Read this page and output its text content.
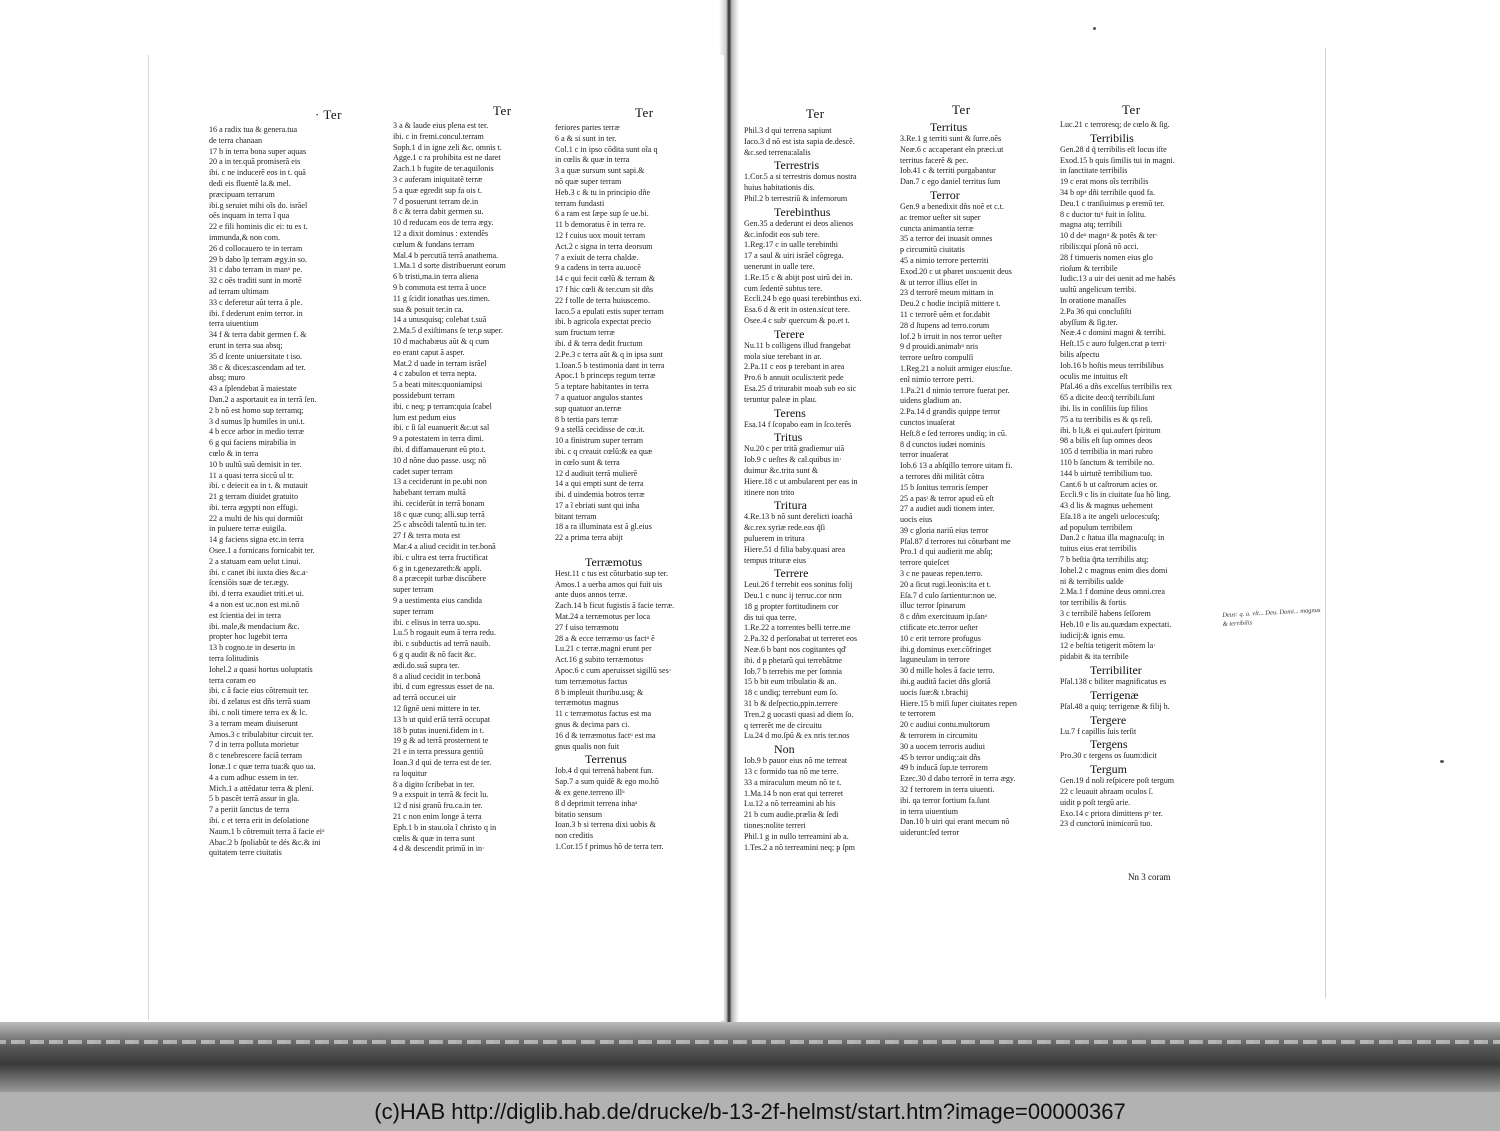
· Ter
16 a radix tua & genera.tua
de terra chanaan
17 b in terra bona super aquas
20 a in ter.quã promiserã eis
ibi. c ne inducerē eos in t. quã
dedi eis fluentē la.& mel.
præcipuam terrarum
ibi.g seruiet mihi oĩs do. isrãel
oēs inquam in terra ĩ qua
22 e fili hominis dic ei: tu es t.
immunda,& non com.
26 d collocauero te in terram
29 b dabo ĩp terram ægy.in so.
31 c dabo terram in manᵘ pe.
32 c oēs traditi sunt in mortē
ad terram ultimam
33 c deferetur aũt terra ã ple.
ibi. f dederunt enim terror. in
terra uiuentium
34 f & terra dabit germen f. &
erunt in terra sua absq;
35 d ſcente uniuersitate t iso.
38 c & dices:ascendam ad ter.
absq; muro
43 a ſplendebat ã maiestate
Dan.2 a asportauit ea in terrã ſen.
2 b nõ est homo sup terramq;
3 d sumus ĩp humiles in uni.t.
4 b ecce arbor in medio terræ
6 g qui faciens mirabilia in
cœlo & in terra
10 b uultũ suũ demisit in ter.
11 a quasi terra siccũ ul tr.
ibi. c deiecit ea in t. & mutauit
21 g terram diuidet gratuito
ibi. terra ægypti non effugi.
22 a multi de his qui dormiũt
in puluere terræ euigila.
14 g faciens signa etc.in terra
Osee.1 a fornicans fornicabit ter.
2 a statuam eam uelut t.inui.
ibi. c canet ibi iuxta dies &c.a·
ſcensiõis suæ de ter.ægy.
ibi. d terra exaudiet triti.et ui.
4 a non est uc.non est mi.nõ
est ſcientia dei in terra
ibi. male,& mendacium &c.
propter hoc lugebit terra
13 b cogno.te in deserto in
terra ſolitudinis
Iohel.2 a quasi hortus uoluptatis
terra coram eo
ibi. c ã facie eius cõtremuit ter.
ibi. d zelatus est dñs terrã suam
ibi. c noli timere terra ex & lc.
3 a terram meam diuiserunt
Amos.3 c tribulabitur circuit ter.
7 d in terra polluta morietur
8 c tenebrescere faciã terram
Ionæ.1 c quæ terra tua:& quo ua.
4 a cum adhuc essem in ter.
Mich.1 a attẽdatur terra & pleni.
5 b pascẽt terrã assur in gla.
7 a periit ſanctus de terra
ibi. c et terra erit in deſolatione
Naum.1 b cõtremuit terra ã facie eiᵘ
Abac.2 b ſpoliabũt te dés &c.& ini
quitatem terre ciuitatis
Ter
3 a & laude eius plena est ter.
ibi. c in fremi.concul.terram
Soph.1 d in igne zeli &c. omnis t.
Agge.1 c ra prohibita est ne daret
Zach.1 b fugite de ter.aquilonis
3 c auferam iniquitatẽ terræ
5 a quæ egredit sup fa ois t.
7 d posuerunt terram de.in
8 c & terra dabit germen su.
10 d reducam eos de terra ægy.
12 a dixit dominus : extendẽs
cœlum & fundans terram
Mal.4 b percutiã terrã anathema.
1.Ma.1 d sorte distribuerunt eorum
6 b tristi,ma.in terra aliena
9 b commota est terra ã uoce
11 g ſcidit ionathas ues.timen.
sua & posuit ter.in ca.
14 a unusquisq; colebat t.suã
2.Ma.5 d exiſtimans ſe ter.ᵽ super.
10 d machabæus aũt & q cum
eo erant caput ã asper.
Mat.2 d uade in terram isrãel
4 c zabulon et terra nepta.
5 a beati mites:quoniamipsi
possidebunt terram
ibi. c neq; ᵽ terram:quia ſcabel
lum est pedum eius
ibi. c ſi ſal euanuerit &c.ut sal
9 a potestatem in terra dimi.
ibi. d diffamauerunt eũ pto.t.
10 d nõne duo passe. usq; nõ
cadet super terram
13 a ceciderunt in pe.ubi non
habebant terram multã
ibi. ceciderũt in terrã bonam
18 c quæ cunq; alli.sup terrã
25 c abscõdi talentũ tu.in ter.
27 f & terra mota est
Mar.4 a aliud cecidit in ter.bonã
ibi. c ultra est terra fructificat
6 g in t.genezareth:& appli.
8 a præcepit turbæ discũbere
super terram
9 a uestimenta eius candida
super terram
ibi. c elisus in terra uo.spu.
Lu.5 b rogauit eum ã terra redu.
ibi. c subductis ad terrã nauib.
6 g q audit & nõ facit &c.
ædi.do.suã supra ter.
8 a aliud cecidit in ter.bonã
ibi. d cum egressus esset de na.
ad terrã occur.ei uir
12 ſignẽ ueni mittere in ter.
13 b ut quid eriã terrã occupat
18 b putas inueni.fidem in t.
19 g & ad terrã prosternent te
21 e in terra pressura gentiũ
Ioan.3 d qui de terra est de ter.
ra loquitur
8 a digito ſcribebat in ter.
9 a exspuit in terrã & fecit lu.
12 d nisi granũ fru.ca.in ter.
21 c non enim longe ã terra
Eph.1 b in stau.oĩa ĩ christo q in
cœlis & quæ in terra sunt
4 d & descendit primũ in in·
Ter
feriores partes terræ
6 a & si sunt in ter.
Col.1 c in ipso cõdita sunt oĩa q
in cœlis & quæ in terra
3 a quæ sursum sunt sapi.&
nõ quæ super terram
Heb.3 c & tu in principio dñe
terram fundasti
6 a ram est ſæpe sup ſe ue.bi.
11 b demoratus ẽ in terra re.
12 f cuius uox mouit terram
Act.2 c signa in terra deorsum
7 a exiuit de terra chaldæ.
9 a cadens in terra au.uocẽ
14 c qui fecit cœlũ & terram &
17 f hic cœli & ter.cum sit dñs
22 f tolle de terra huiuscemo.
Iaco.5 a epulati estis super terram
ibi. b agricola expectat precio
sum fructum terræ
ibi. d & terra dedit fructum
2.Pe.3 c terra aũt & q in ipsa sunt
1.Ioan.5 b testimonia dant in terra
Apoc.1 b princeps regum terræ
5 a teptare habitantes in terra
7 a quatuor angulos stantes
sup quatuor an.terræ
8 b tertia pars terræ
9 a stellã cecidisse de cœ.it.
10 a finistrum super terram
ibi. c q creauit cœlũ:& ea quæ
in cœlo sunt & terra
12 d audiuit terrã mulierẽ
14 a qui empti sunt de terra
ibi. d uindemia botros terræ
17 a ĩ ebriati sunt qui inha
bitant terram
18 a ra illuminata est ã gl.eius
22 a prima terra abijt
Terræmotus
Hest.11 c tus est cõturbatio sup ter.
Amos.1 a uerba amos qui fuit uis
ante duos annos terræ.
Zach.14 b ficut fugistis ã facie terræ.
Mat.24 a terræmotus per loca
27 f uiso terræmotu
28 a & ecce terræmo·us factᵘ ẽ
Lu.21 c terræ.magni erunt per
Act.16 g subito terræmotus
Apoc.6 c cum aperuisset sigillũ ses·
tum terræmotus factus
8 b impleuit thuribu.usq; &
terræmotus magnus
11 c terræmotus factus est ma
gnus & decima pars ci.
16 d & terræmotus factᵘ est ma
gnus qualis non fuit
Terrenus
Iob.4 d qui terrenã habent fun.
Sap.7 a sum quidẽ & ego mo.hõ
& ex gene.terreno illᵘ
8 d deprimit terrena inhaᵃ
bitatio sensum
Ioan.3 b si terrena dixi uobis &
non creditis
1.Cor.15 f primus hõ de terra terr.
Ter
Phil.3 d qui terrena sapiunt
Iaco.3 d nõ est ista sapia de.descẽ.
&c.sed terrena:aĩalis
Terrestris
1.Cor.5 a si terrestris domus nostra
huius habitationis dis.
Phil.2 b terrestriũ & infernorum
Terebinthus
Gen.35 a dederunt ei deos alienos
&c.infodit eos sub tere.
1.Reg.17 c in ualle terebinthi
17 a saul & uiri isrãel cõgrega.
uenerunt in ualle tere.
1.Re.15 c & abijt post uirũ dei in.
cum ſedentẽ subtus tere.
Eccli.24 b ego quasi terebinthus exi.
Esa.6 d & erit in osten.sicut tere.
Osee.4 c subᵗ quercum & po.et t.
Terere
Nu.11 b colligens illud frangebat
mola siue terebant in ar.
2.Pa.11 c eos ᵽ terebant in area
Pro.6 b annuit oculis:terit pede
Esa.25 d triturabit moab sub eo sic
teruntur paleæ in plau.
Terens
Esa.14 f ſcopabo eam in ſco.terẽs
Tritus
Nu.20 c per tritã gradiemur uiã
Iob.9 c ueſtes & cal.quibus in·
duimur &c.trita sunt &
Hiere.18 c ut ambularent per eas in
itinere non trito
Tritura
4.Re.13 b nõ sunt derelicti ioachã
&c.rex syriæ rede.eos q̃ſi
puluerem in tritura
Hiere.51 d filia baby.quasi area
tempus trituræ eius
Terrere
Leui.26 f terrebit eos sonitus folij
Deu.1 c nunc ij terruc.cor nrm
18 g propter fortitudinem cor
dis tui qua terre.
1.Re.22 a torrentes belli terre.me
2.Pa.32 d perſonabat ut terreret eos
Neæ.6 b bant nos cogitantes qd'
ibi. d ᵽ phetarũ qui terrebãtme
Iob.7 b terrebis me per ſomnia
15 b bit eum tribulatio & an.
18 c undiq; terrebunt eum ſo.
31 b & deſpectio,ppin.terrere
Tren.2 g uocasti quasi ad diem ſo.
q terrerẽt me de circuitu
Lu.24 d mo.ſpũ & ex nris ter.nos
Non
Iob.9 b pauor eius nõ me terreat
13 c formido tua nõ me terre.
33 a miraculum meum nõ te t.
1.Ma.14 b non erat qui terreret
Lu.12 a nõ terreamini ab his
21 b cum audie.prælia & ſedi
tiones:nolite terreri
Phil.1 g in nullo terreamini ab a.
1.Tes.2 a nõ terreamini neq; ᵽ ſpm
Ter
Territus
3.Re.1 g territi sunt & ſurre.oẽs
Neæ.6 c accaperant eĩn præci.ut
territus facerẽ & pec.
Iob.41 c & territi purgabantur
Dan.7 c ego daniel territus ſum
Terror
Gen.9 a benedixit dñs noẽ et c.t.
ac tremor ueſter sit super
cuncta animantia terræ
35 a terror dei inuasit omnes
ᵽ circumitũ ciuitatis
45 a nimio terrore perterriti
Exod.20 c ut ᵽbaret uos:uenit deus
& ut terror illius eſſet in
23 d terrorẽ meum mittam in
Deu.2 c hodie incipiã mittere t.
11 c terrorẽ uẽm et for.dabit
28 d ſtupens ad terro.corum
Iof.2 b irruit in nos terror ueſter
9 d prouidi.animabᵘ nris
terrore ueſtro compulſi
1.Reg.21 a noluit armiger eius:ſue.
enĩ nimio terrore perri.
1.Pa.21 d nimio terrore fuerat per.
uidens gladium an.
2.Pa.14 d grandis quippe terror
cunctos inuaſerat
Heſt.8 e ſed terrores undiq; in cũ.
8 d cunctos iudæi nominis
terror inuaſerat
Iob.6 13 a abſqillo terrore uitam fi.
a terrores dñi militãt cõtra
15 b ſonitus terroris ſemper
25 a pasᵗ & terror apud eũ eſt
27 a audiet audi tionem inter.
uocis eius
39 c gloria nariũ eius terror
Pſal.87 d terrores tui cõturbant me
Pro.1 d qui audierit me abſq;
terrore quieſcet
3 c ne paueas repen.terro.
20 a ſicut rugi.leonis:ita et t.
Eſa.7 d culo ſartientur:non ue.
illuc terror ſpinarum
8 c dñm exercituum ip.ſanᵃ
ctificate etc.terror ueſter
10 c erit terrore profugus
ibi.g dominus exer.cõfringet
laguneulam in terrore
30 d mille holes ã facie terro.
ibi.g auditã faciet dñs gloriã
uocis ſuæ:& t.brachij
Hiere.15 b miſi ſuper ciuitates repen
te terrorem
20 c audiui contu.multorum
& terrorem in circumitu
30 a uocem terroris audiui
45 b terror undiq;:ait dñs
49 b inducã ſup.te terrorem
Ezec.30 d dabo terrorẽ in terra ægy.
32 f terrorem in terra uiuenti.
ibi. qa terror fortium fa.ſunt
in terra uiuentium
Dan.10 b uiri qui erant mecum nõ
uiderunt:ſed terror
Ter
Luc.21 c terroresq; de cœlo & ſig.
Terribilis
Gen.28 d q̃ terribilis eſt locus iſte
Exod.15 b quis ſimilis tui in magni.
in ſanctitate terribilis
19 c erat mons oĩs terribilis
34 b opᵃ dñi terribile quod fa.
Deu.1 c tranſiuimus ᵽ eremũ ter.
8 c ductor tuᵘ fuit in ſolitu.
magna atq; terribili
10 d deᵘ magnᵘ & potẽs & ter·
ribilis:qui pſonã nõ acci.
28 f timueris nomen eius glo
rioſum & terribile
Iudic.13 a uir dei uenit ad me habẽs
uultũ angelicum terribi.
In oratione manaſſes
2.Pa 36 qui concluſiſti
abyſſum & ſig.ter.
Neæ.4 c domini magni & terribi.
Heſt.15 c auro fulgen.crat ᵽ terri·
bilis aſpectu
Iob.16 b hoſtis meus terribilibus
oculis me intuitus eſt
Pſal.46 a dñs excelſus terribilis rex
65 a dicite deo:q̃ terribili.ſunt
ibi. lis in conſiliis ſup filios
75 a tu terribilis es & qs reſi.
ibi. b li,& ei qui.aufert ſpiritum
98 a bilis eſt ſup omnes deos
105 d terribilia in mari rubro
110 b ſanctum & terribile no.
144 b uirtutẽ terribilium tuo.
Cant.6 b ut caſtrorum acies or.
Eccli.9 c lis in ciuitate ſua hõ ling.
43 d lis & magnus uehement
Eſa.18 a ite angeli ueloces:uſq;
ad populum terribilem
Dan.2 c ſtatua illa magna:uſq; in
tuitus eius erat terribilis
7 b beſtia q̃rta terribilis atq;
Iohel.2 c magnus enim dies domi
ni & terribilis ualde
2.Ma.1 f domine deus omni.crea
tor terribilis & fortis
3 c terribilẽ habens ſeſſorem
Heb.10 e lis au.quædam expectati.
iudicij:& ignis emu.
12 e beſtia tetigerit mõtem la·
pidabit & ita terribile
Terribiliter
Pſal.138 c biliter magnificatus es
Terrigenæ
Pſal.48 a quiq; terrigenæ & filij h.
Tergere
Lu.7 f capillis ſuis terſit
Tergens
Pro.30 c tergens os ſuum:dicit
Tergum
Gen.19 d noli reſpicere poſt tergum
22 c leuauit abraam oculos ſ.
uidit ᵽ poſt tergũ arie.
Exo.14 c priora dimittens pᵒ ter.
23 d cunctorũ inimicorũ tuo.
Nn 3 coram
Deus: q. a. vlt... Deu. Domi... magnus & terribilis
(c)HAB http://diglib.hab.de/drucke/b-13-2f-helmst/start.htm?image=00000367
